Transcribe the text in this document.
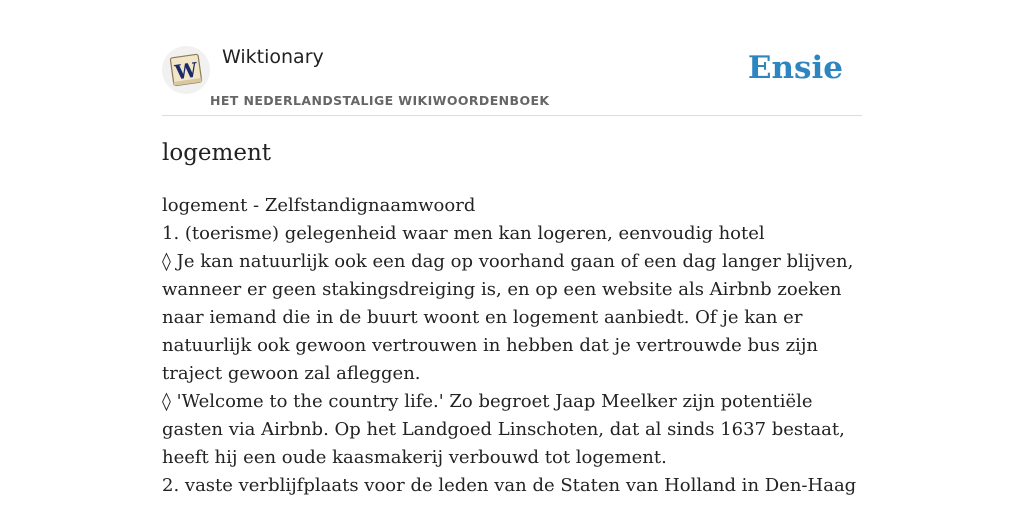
W
Wiktionary
HET NEDERLANDSTALIGE WIKIWOORDENBOEK
Ensie
logement

logement - Zelfstandignaamwoord

1. (toerisme) gelegenheid waar men kan logeren, eenvoudig hotel

◊ Je kan natuurlijk ook een dag op voorhand gaan of een dag langer blijven, wanneer er geen stakingsdreiging is, en op een website als Airbnb zoeken naar iemand die in de buurt woont en logement aanbiedt. Of je kan er natuurlijk ook gewoon vertrouwen in hebben dat je vertrouwde bus zijn traject gewoon zal afleggen.

◊ 'Welcome to the country life.' Zo begroet Jaap Meelker zijn potentiële gasten via Airbnb. Op het Landgoed Linschoten, dat al sinds 1637 bestaat, heeft hij een oude kaasmakerij verbouwd tot logement.

2. vaste verblijfplaats voor de leden van de Staten van Holland in Den-Haag
